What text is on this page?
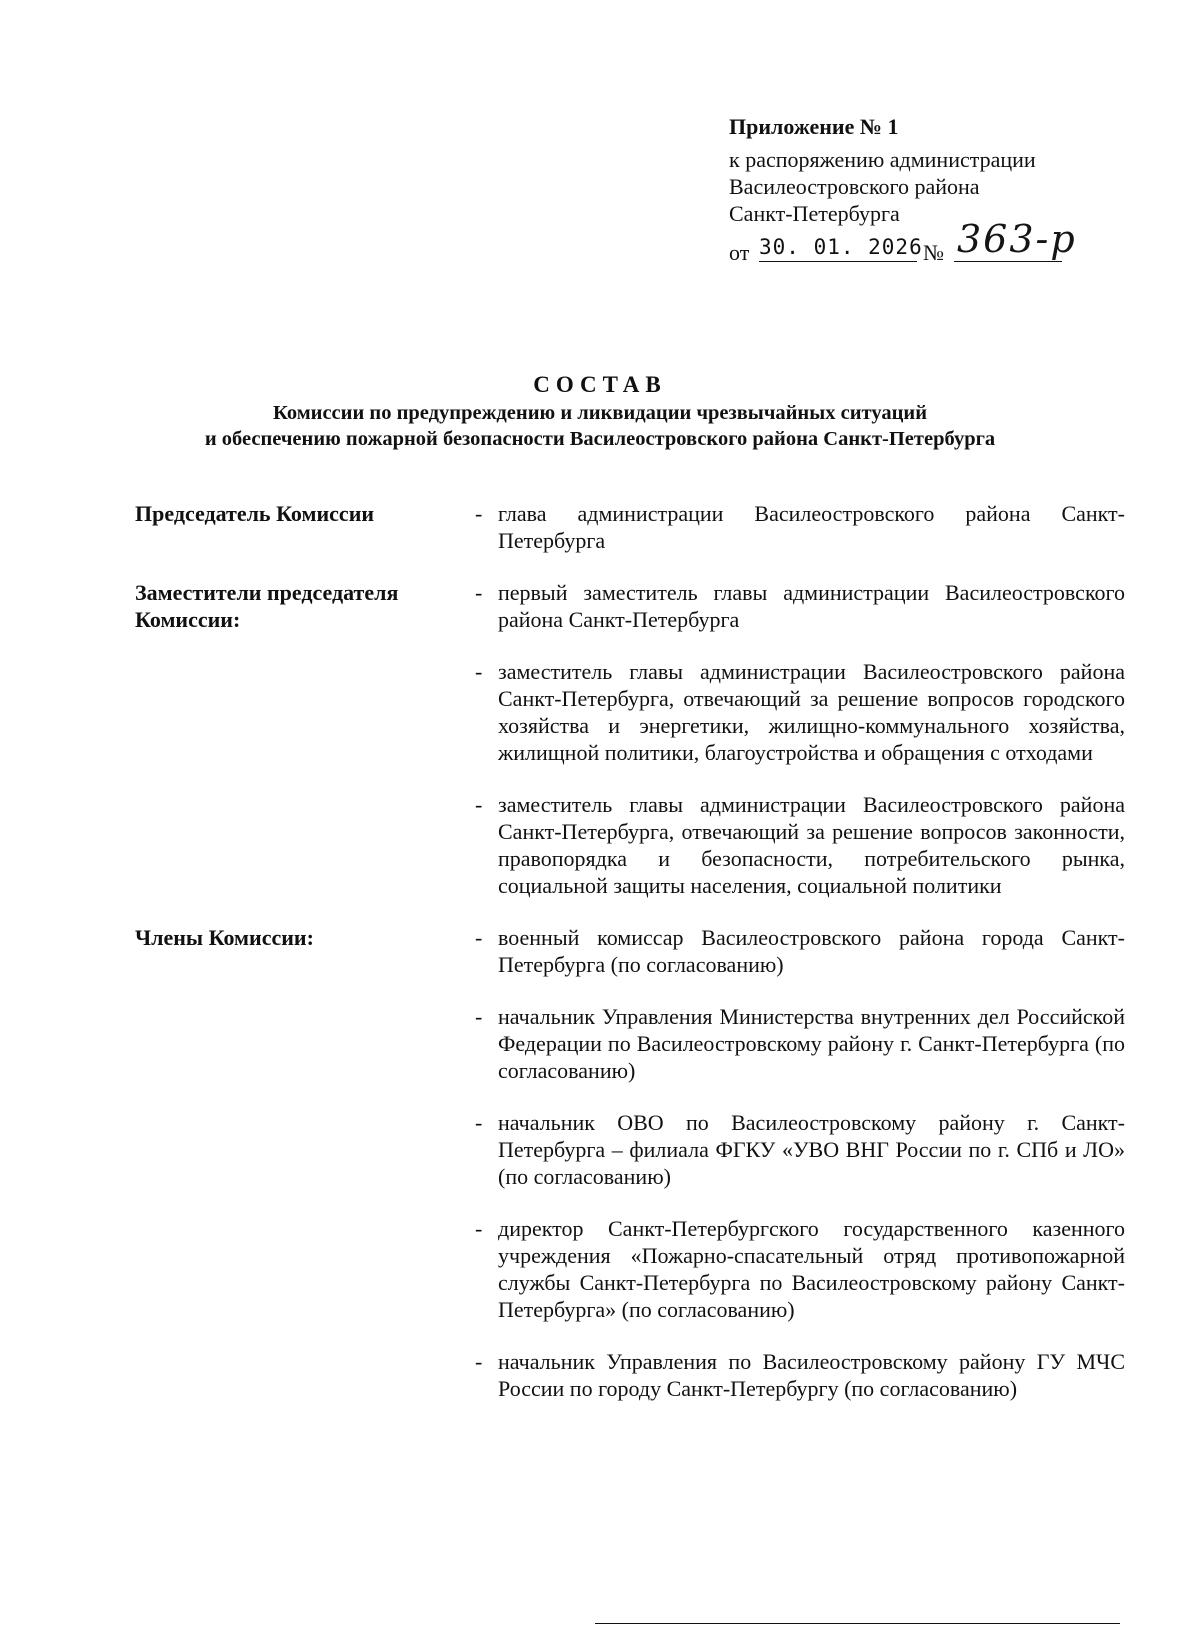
Приложение № 1
к распоряжению администрации
Василеостровского района
Санкт-Петербурга
от 30. 01. 2026 № 363-р
СОСТАВ
Комиссии по предупреждению и ликвидации чрезвычайных ситуаций
и обеспечению пожарной безопасности Василеостровского района Санкт-Петербурга
Председатель Комиссии	- глава администрации Василеостровского района Санкт-Петербурга
Заместители председателя Комиссии:
- первый заместитель главы администрации Василеостровского района Санкт-Петербурга
- заместитель главы администрации Василеостровского района Санкт-Петербурга, отвечающий за решение вопросов городского хозяйства и энергетики, жилищно-коммунального хозяйства, жилищной политики, благоустройства и обращения с отходами
- заместитель главы администрации Василеостровского района Санкт-Петербурга, отвечающий за решение вопросов законности, правопорядка и безопасности, потребительского рынка, социальной защиты населения, социальной политики
Члены Комиссии:	- военный комиссар Василеостровского района города Санкт-Петербурга (по согласованию)
- начальник Управления Министерства внутренних дел Российской Федерации по Василеостровскому району г. Санкт-Петербурга (по согласованию)
- начальник ОВО по Василеостровскому району г. Санкт-Петербурга – филиала ФГКУ «УВО ВНГ России по г. СПб и ЛО» (по согласованию)
- директор Санкт-Петербургского государственного казенного учреждения «Пожарно-спасательный отряд противопожарной службы Санкт-Петербурга по Василеостровскому району Санкт-Петербурга» (по согласованию)
- начальник Управления по Василеостровскому району ГУ МЧС России по городу Санкт-Петербургу (по согласованию)
